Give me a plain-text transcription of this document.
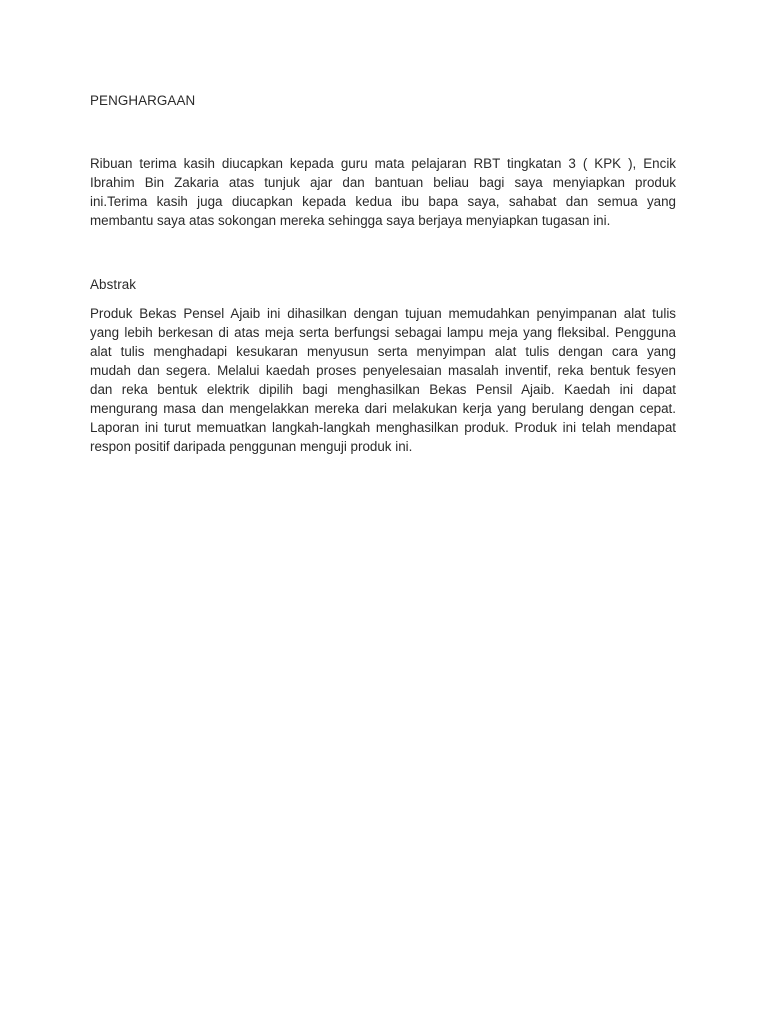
PENGHARGAAN
Ribuan terima kasih diucapkan kepada guru mata pelajaran RBT tingkatan 3 ( KPK ), Encik
Ibrahim Bin Zakaria atas tunjuk ajar dan bantuan beliau bagi saya menyiapkan produk
ini.Terima kasih juga diucapkan kepada kedua ibu bapa saya, sahabat dan semua yang
membantu saya atas sokongan mereka sehingga saya berjaya menyiapkan tugasan ini.
Abstrak
Produk Bekas Pensel Ajaib ini dihasilkan dengan tujuan memudahkan penyimpanan alat tulis
yang lebih berkesan di atas meja serta berfungsi sebagai lampu meja yang fleksibal. Pengguna
alat tulis menghadapi kesukaran menyusun serta menyimpan alat tulis dengan cara yang
mudah dan segera. Melalui kaedah proses penyelesaian masalah inventif, reka bentuk fesyen
dan reka bentuk elektrik dipilih bagi menghasilkan Bekas Pensil Ajaib. Kaedah ini dapat
mengurang masa dan mengelakkan mereka dari melakukan kerja yang berulang dengan cepat.
Laporan ini turut memuatkan langkah-langkah menghasilkan produk. Produk ini telah mendapat
respon positif daripada penggunan menguji produk ini.
